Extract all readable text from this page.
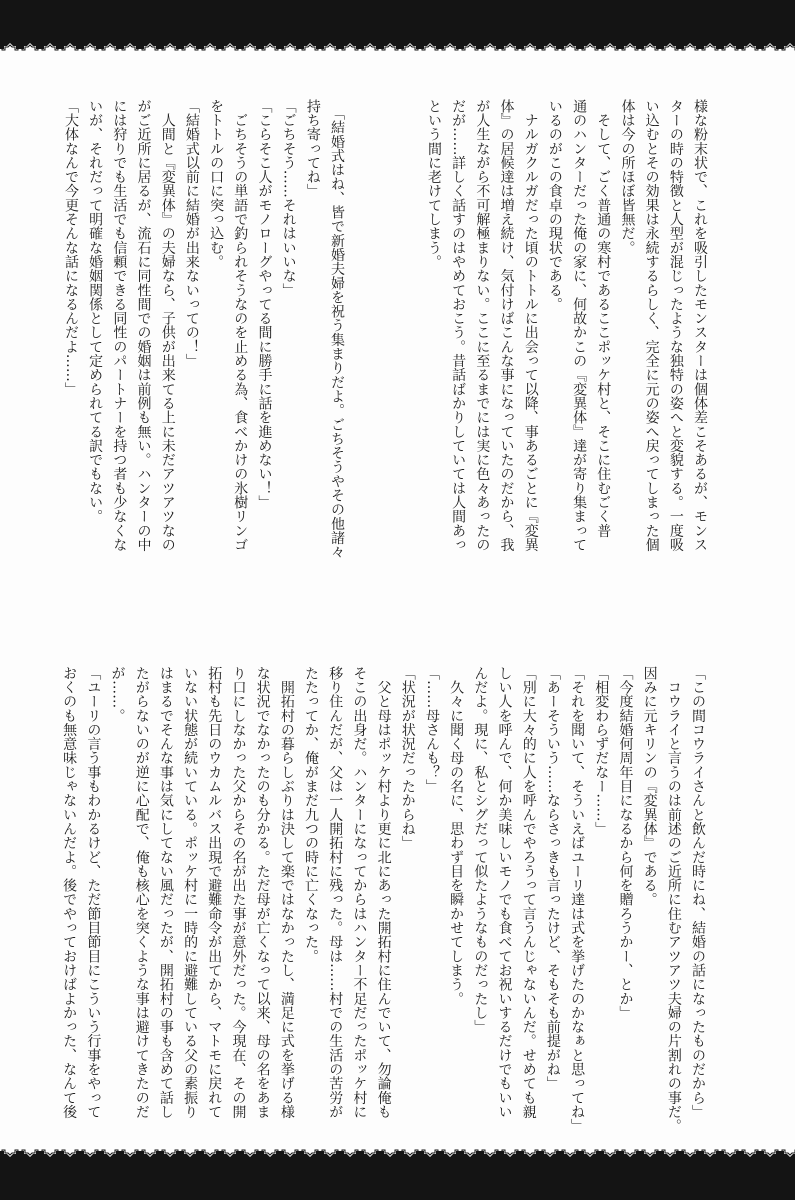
様な粉末状で、これを吸引したモンスターは個体差こそあるが、モンス
ターの時の特徴と人型が混じったような独特の姿へと変貌する。一度吸
い込むとその効果は永続するらしく、完全に元の姿へ戻ってしまった個
体は今の所ほぼ皆無だ。
　そして、ごく普通の寒村であるここポッケ村と、そこに住むごく普
通のハンターだった俺の家に、何故かこの『変異体』達が寄り集まって
いるのがこの食卓の現状である。
　ナルガクルガだった頃のトトルに出会って以降、事あるごとに『変異
体』の居候達は増え続け、気付けばこんな事になっていたのだから、我
が人生ながら不可解極まりない。ここに至るまでには実に色々あったの
だが……詳しく話すのはやめておこう。昔話ばかりしていては人間あっ
という間に老けてしまう。
　「結婚式はね、皆で新婚夫婦を祝う集まりだよ。ごちそうやその他諸々
持ち寄ってね」
「ごちそう……それはいいな」
「こらそこ人がモノローグやってる間に勝手に話を進めない！」
　ごちそうの単語で釣られそうなのを止める為、食べかけの氷樹リンゴ
をトトルの口に突っ込む。
「結婚式以前に結婚が出来ないっての！」
　人間と『変異体』の夫婦なら、子供が出来てる上に未だアツアツなの
がご近所に居るが、流石に同性間での婚姻は前例も無い。ハンターの中
には狩りでも生活でも信頼できる同性のパートナーを持つ者も少なくな
いが、それだって明確な婚姻関係として定められてる訳でもない。
「大体なんで今更そんな話になるんだよ……」
「この間コウライさんと飲んだ時にね、結婚の話になったものだから」
　コウライと言うのは前述のご近所に住むアツアツ夫婦の片割れの事だ。
因みに元キリンの『変異体』である。
「今度結婚何周年目になるから何を贈ろうかー、とか」
「相変わらずだなー……」
「それを聞いて、そういえばユーリ達は式を挙げたのかなぁと思ってね」
「あーそういう……ならさっきも言ったけど、そもそも前提がね」
「別に大々的に人を呼んでやろうって言うんじゃないんだ。せめても親
しい人を呼んで、何か美味しいモノでも食べてお祝いするだけでもいい
んだよ。現に、私とシグだって似たようなものだったし」
　久々に聞く母の名に、思わず目を瞬かせてしまう。
「……母さんも？」
「状況が状況だったからね」
　父と母はポッケ村より更に北にあった開拓村に住んでいて、勿論俺も
そこの出身だ。ハンターになってからはハンター不足だったポッケ村に
移り住んだが、父は一人開拓村に残った。母は……村での生活の苦労が
たたってか、俺がまだ九つの時に亡くなった。
　開拓村の暮らしぶりは決して楽ではなかったし、満足に式を挙げる様
な状況でなかったのも分かる。ただ母が亡くなって以来、母の名をあま
り口にしなかった父からその名が出た事が意外だった。今現在、その開
拓村も先日のウカムルバス出現で避難命令が出てから、マトモに戻れて
いない状態が続いている。ポッケ村に一時的に避難している父の素振り
はまるでそんな事は気にしてない風だったが、開拓村の事も含めて話し
たがらないのが逆に心配で、俺も核心を突くような事は避けてきたのだ
が……。
「ユーリの言う事もわかるけど、ただ節目節目にこういう行事をやって
おくのも無意味じゃないんだよ。後でやっておけばよかった、なんて後
